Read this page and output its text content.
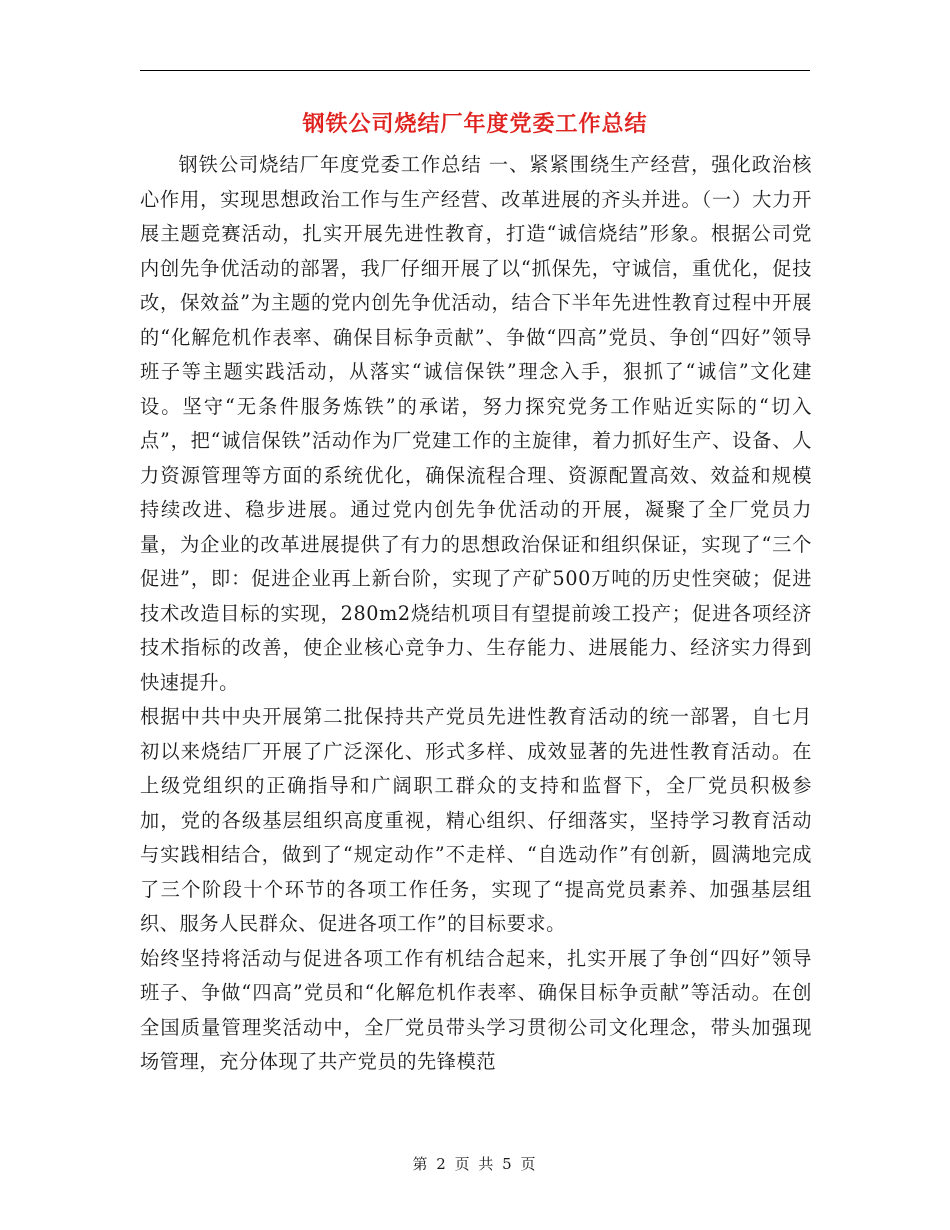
钢铁公司烧结厂年度党委工作总结

钢铁公司烧结厂年度党委工作总结 一、紧紧围绕生产经营，强化政治核心作用，实现思想政治工作与生产经营、改革进展的齐头并进。（一）大力开展主题竞赛活动，扎实开展先进性教育，打造“诚信烧结”形象。根据公司党内创先争优活动的部署，我厂仔细开展了以“抓保先，守诚信，重优化，促技改，保效益”为主题的党内创先争优活动，结合下半年先进性教育过程中开展的“化解危机作表率、确保目标争贡献”、争做“四高”党员、争创“四好”领导班子等主题实践活动，从落实“诚信保铁”理念入手，狠抓了“诚信”文化建设。坚守“无条件服务炼铁”的承诺，努力探究党务工作贴近实际的“切入点”，把“诚信保铁”活动作为厂党建工作的主旋律，着力抓好生产、设备、人力资源管理等方面的系统优化，确保流程合理、资源配置高效、效益和规模持续改进、稳步进展。通过党内创先争优活动的开展，凝聚了全厂党员力量，为企业的改革进展提供了有力的思想政治保证和组织保证，实现了“三个促进”，即：促进企业再上新台阶，实现了产矿500万吨的历史性突破；促进技术改造目标的实现，280m2烧结机项目有望提前竣工投产；促进各项经济技术指标的改善，使企业核心竞争力、生存能力、进展能力、经济实力得到快速提升。

根据中共中央开展第二批保持共产党员先进性教育活动的统一部署，自七月初以来烧结厂开展了广泛深化、形式多样、成效显著的先进性教育活动。在上级党组织的正确指导和广阔职工群众的支持和监督下，全厂党员积极参加，党的各级基层组织高度重视，精心组织、仔细落实，坚持学习教育活动与实践相结合，做到了“规定动作”不走样、“自选动作”有创新，圆满地完成了三个阶段十个环节的各项工作任务，实现了“提高党员素养、加强基层组织、服务人民群众、促进各项工作”的目标要求。

始终坚持将活动与促进各项工作有机结合起来，扎实开展了争创“四好”领导班子、争做“四高”党员和“化解危机作表率、确保目标争贡献”等活动。在创全国质量管理奖活动中，全厂党员带头学习贯彻公司文化理念，带头加强现场管理，充分体现了共产党员的先锋模范

第 2 页 共 5 页
